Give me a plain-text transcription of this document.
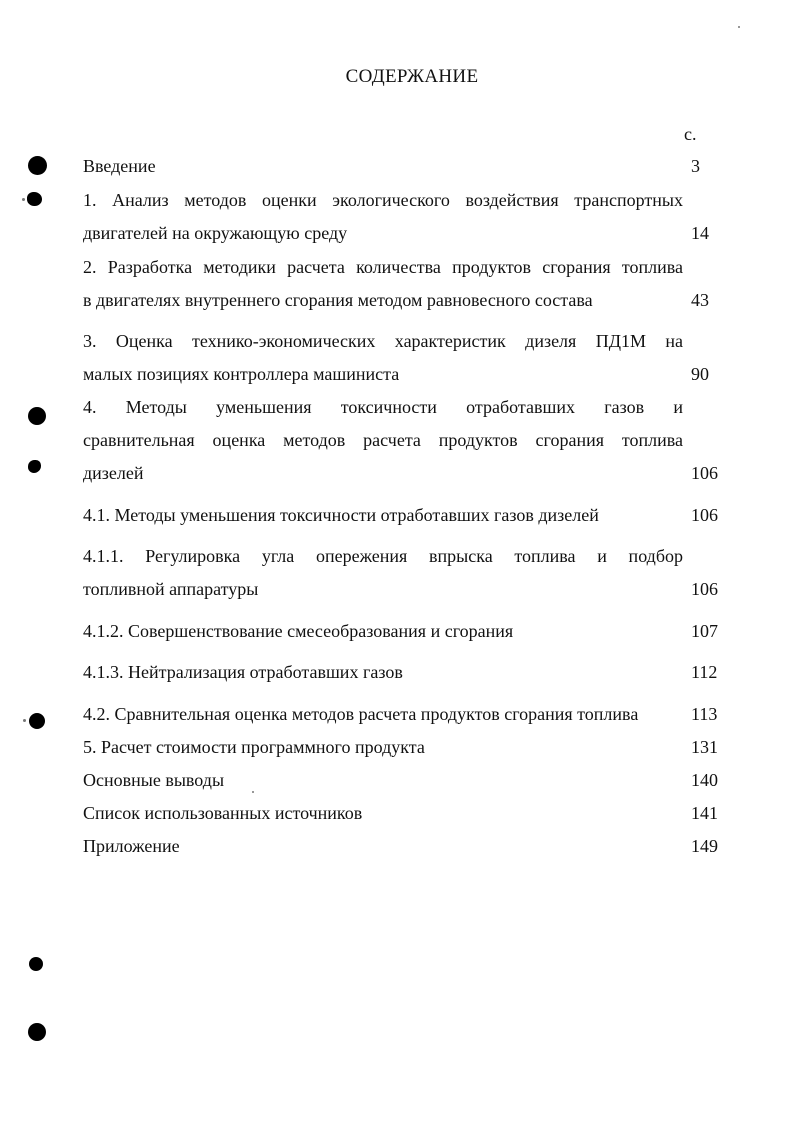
СОДЕРЖАНИЕ
с.
Введение	3
1. Анализ методов оценки экологического воздействия транспортных
двигателей на окружающую среду	14
2. Разработка методики расчета количества продуктов сгорания топлива
в двигателях внутреннего сгорания методом равновесного состава	43
3. Оценка технико-экономических характеристик дизеля ПД1М на
малых позициях контроллера машиниста	90
4. Методы уменьшения токсичности отработавших газов и
сравнительная оценка методов расчета продуктов сгорания топлива
дизелей	106
4.1. Методы уменьшения токсичности отработавших газов дизелей	106
4.1.1. Регулировка угла опережения впрыска топлива и подбор
топливной аппаратуры	106
4.1.2. Совершенствование смесеобразования и сгорания	107
4.1.3. Нейтрализация отработавших газов	112
4.2. Сравнительная оценка методов расчета продуктов сгорания топлива	113
5. Расчет стоимости программного продукта	131
Основные выводы	140
Список использованных источников	141
Приложение	149
